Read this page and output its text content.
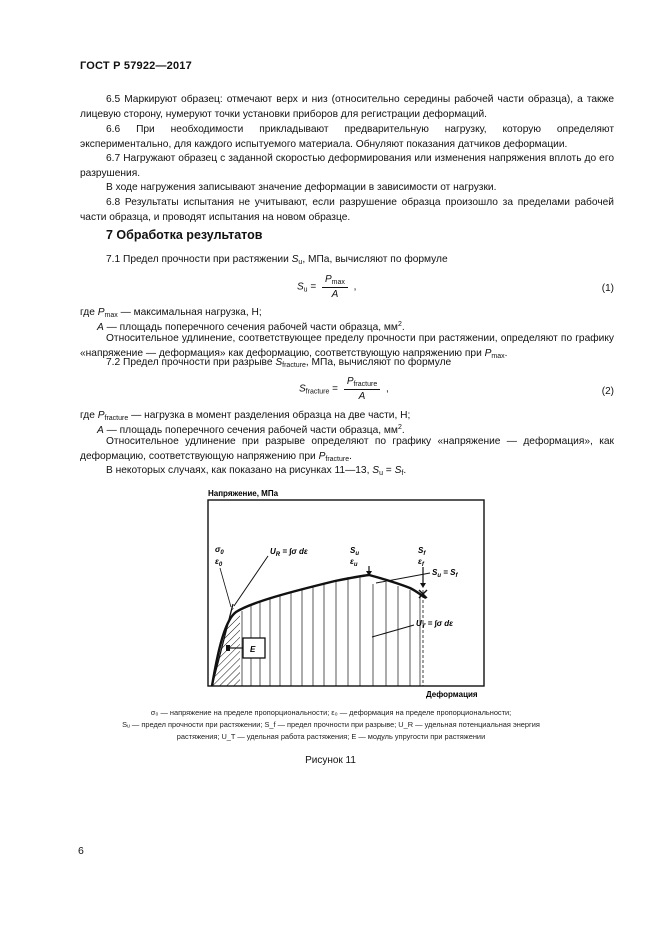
ГОСТ Р 57922—2017
6.5 Маркируют образец: отмечают верх и низ (относительно середины рабочей части образца), а также лицевую сторону, нумеруют точки установки приборов для регистрации деформаций.
6.6 При необходимости прикладывают предварительную нагрузку, которую определяют экспериментально, для каждого испытуемого материала. Обнуляют показания датчиков деформации.
6.7 Нагружают образец с заданной скоростью деформирования или изменения напряжения вплоть до его разрушения.
В ходе нагружения записывают значение деформации в зависимости от нагрузки.
6.8 Результаты испытания не учитывают, если разрушение образца произошло за пределами рабочей части образца, и проводят испытания на новом образце.
7 Обработка результатов
7.1 Предел прочности при растяжении $S_u$, МПа, вычисляют по формуле
$S_u = \frac{P_{max}}{A}$ ,	(1)
где $P_{max}$ — максимальная нагрузка, Н;
A — площадь поперечного сечения рабочей части образца, $мм^2$.
Относительное удлинение, соответствующее пределу прочности при растяжении, определяют по графику «напряжение — деформация» как деформацию, соответствующую напряжению при $P_{max}$.
7.2 Предел прочности при разрыве $S_{fracture}$, МПа, вычисляют по формуле
$S_{fracture} = \frac{P_{fracture}}{A}$ ,	(2)
где $P_{fracture}$ — нагрузка в момент разделения образца на две части, Н;
A — площадь поперечного сечения рабочей части образца, $мм^2$.
Относительное удлинение при разрыве определяют по графику «напряжение — деформация», как деформацию, соответствующую напряжению при $P_{fracture}$.
В некоторых случаях, как показано на рисунках 11—13, $S_u = S_f$.
Напряжение, МПа
E
$\sigma_0$
$\varepsilon_0$
$U_R = \int\sigma$ dε	$S_u$
$\varepsilon_u$
$S_f$
$\varepsilon_f$
$S_u = S_f$
$U_T = \int\sigma$ dε
Деформация
σ₀ — напряжение на пределе пропорциональности; ε₀ — деформация на пределе пропорциональности;
Sᵤ — предел прочности при растяжении; S_f — предел прочности при разрыве; U_R — удельная потенциальная энергия
растяжения; U_T — удельная работа растяжения; E — модуль упругости при растяжении
Рисунок 11
6
